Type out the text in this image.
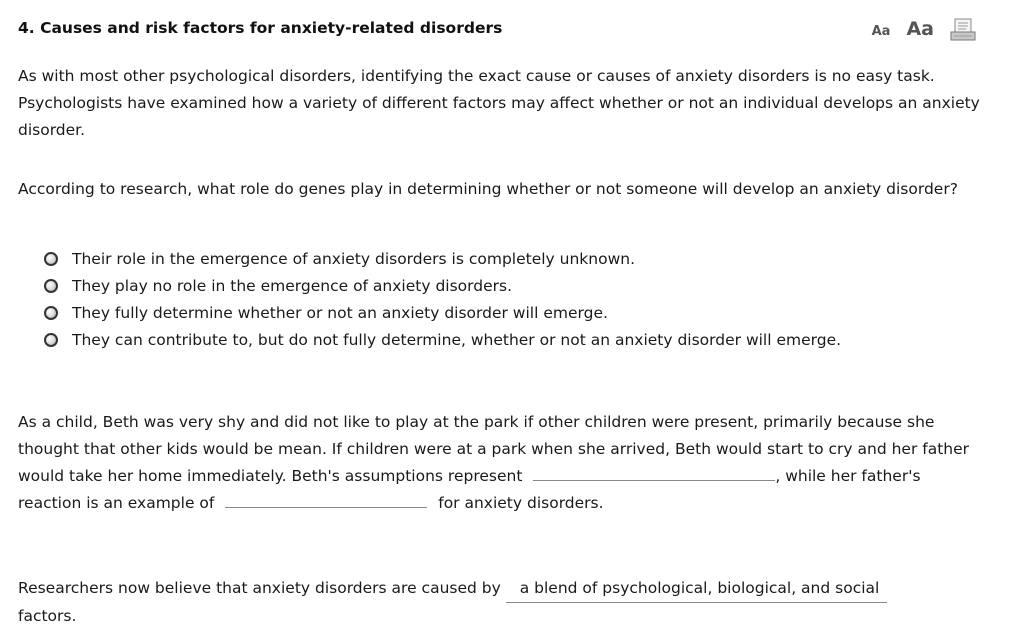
4. Causes and risk factors for anxiety-related disorders	Aa Aa

As with most other psychological disorders, identifying the exact cause or causes of anxiety disorders is no easy task. Psychologists have examined how a variety of different factors may affect whether or not an individual develops an anxiety disorder.

According to research, what role do genes play in determining whether or not someone will develop an anxiety disorder?

Their role in the emergence of anxiety disorders is completely unknown.
They play no role in the emergence of anxiety disorders.
They fully determine whether or not an anxiety disorder will emerge.
They can contribute to, but do not fully determine, whether or not an anxiety disorder will emerge.

As a child, Beth was very shy and did not like to play at the park if other children were present, primarily because she thought that other kids would be mean. If children were at a park when she arrived, Beth would start to cry and her father would take her home immediately. Beth's assumptions represent	, while her father's reaction is an example of	for anxiety disorders.

Researchers now believe that anxiety disorders are caused by a blend of psychological, biological, and social
factors.
